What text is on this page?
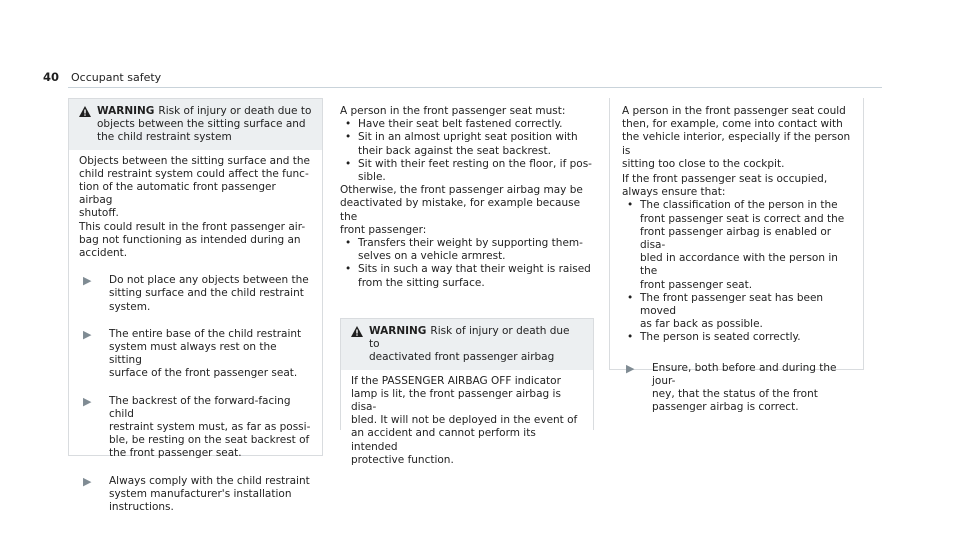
40 Occupant safety

WARNING Risk of injury or death due to

objects between the sitting surface and

the child restraint system

Objects between the sitting surface and the

child restraint system could affect the func-

tion of the automatic front passenger airbag

shutoff.

This could result in the front passenger air-

bag not functioning as intended during an

accident.

▶	Do not place any objects between the

sitting surface and the child restraint

system.

▶	The entire base of the child restraint

system must always rest on the sitting

surface of the front passenger seat.

▶	The backrest of the forward-facing child

restraint system must, as far as possi-

ble, be resting on the seat backrest of

the front passenger seat.

▶	Always comply with the child restraint

system manufacturer's installation

instructions.

A person in the front passenger seat must:

• Have their seat belt fastened correctly.

• Sit in an almost upright seat position with

their back against the seat backrest.

• Sit with their feet resting on the floor, if pos-

sible.

Otherwise, the front passenger airbag may be

deactivated by mistake, for example because the

front passenger:

• Transfers their weight by supporting them-

selves on a vehicle armrest.

• Sits in such a way that their weight is raised

from the sitting surface.

WARNING Risk of injury or death due to

deactivated front passenger airbag

If the PASSENGER AIRBAG OFF indicator

lamp is lit, the front passenger airbag is disa-

bled. It will not be deployed in the event of

an accident and cannot perform its intended

protective function.

A person in the front passenger seat could

then, for example, come into contact with

the vehicle interior, especially if the person is

sitting too close to the cockpit.

If the front passenger seat is occupied,

always ensure that:

• The classification of the person in the

front passenger seat is correct and the

front passenger airbag is enabled or disa-

bled in accordance with the person in the

front passenger seat.

• The front passenger seat has been moved

as far back as possible.

• The person is seated correctly.

▶	Ensure, both before and during the jour-

ney, that the status of the front

passenger airbag is correct.
